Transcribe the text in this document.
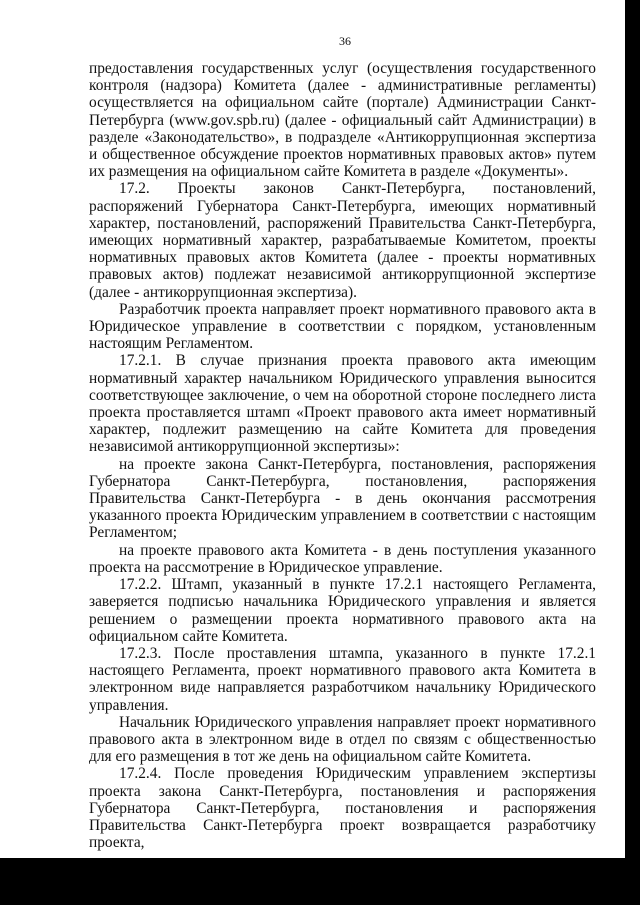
36

предоставления государственных услуг (осуществления государственного контроля (надзора) Комитета (далее - административные регламенты) осуществляется на официальном сайте (портале) Администрации Санкт-Петербурга (www.gov.spb.ru) (далее - официальный сайт Администрации) в разделе «Законодательство», в подразделе «Антикоррупционная экспертиза и общественное обсуждение проектов нормативных правовых актов» путем их размещения на официальном сайте Комитета в разделе «Документы».

17.2. Проекты законов Санкт-Петербурга, постановлений, распоряжений Губернатора Санкт-Петербурга, имеющих нормативный характер, постановлений, распоряжений Правительства Санкт-Петербурга, имеющих нормативный характер, разрабатываемые Комитетом, проекты нормативных правовых актов Комитета (далее - проекты нормативных правовых актов) подлежат независимой антикоррупционной экспертизе (далее - антикоррупционная экспертиза).

Разработчик проекта направляет проект нормативного правового акта в Юридическое управление в соответствии с порядком, установленным настоящим Регламентом.

17.2.1. В случае признания проекта правового акта имеющим нормативный характер начальником Юридического управления выносится соответствующее заключение, о чем на оборотной стороне последнего листа проекта проставляется штамп «Проект правового акта имеет нормативный характер, подлежит размещению на сайте Комитета для проведения независимой антикоррупционной экспертизы»:

на проекте закона Санкт-Петербурга, постановления, распоряжения Губернатора Санкт-Петербурга, постановления, распоряжения Правительства Санкт-Петербурга - в день окончания рассмотрения указанного проекта Юридическим управлением в соответствии с настоящим Регламентом;

на проекте правового акта Комитета - в день поступления указанного проекта на рассмотрение в Юридическое управление.

17.2.2. Штамп, указанный в пункте 17.2.1 настоящего Регламента, заверяется подписью начальника Юридического управления и является решением о размещении проекта нормативного правового акта на официальном сайте Комитета.

17.2.3. После проставления штампа, указанного в пункте 17.2.1 настоящего Регламента, проект нормативного правового акта Комитета в электронном виде направляется разработчиком начальнику Юридического управления.

Начальник Юридического управления направляет проект нормативного правового акта в электронном виде в отдел по связям с общественностью для его размещения в тот же день на официальном сайте Комитета.

17.2.4. После проведения Юридическим управлением экспертизы проекта закона Санкт-Петербурга, постановления и распоряжения Губернатора Санкт-Петербурга, постановления и распоряжения Правительства Санкт-Петербурга проект возвращается разработчику проекта,
